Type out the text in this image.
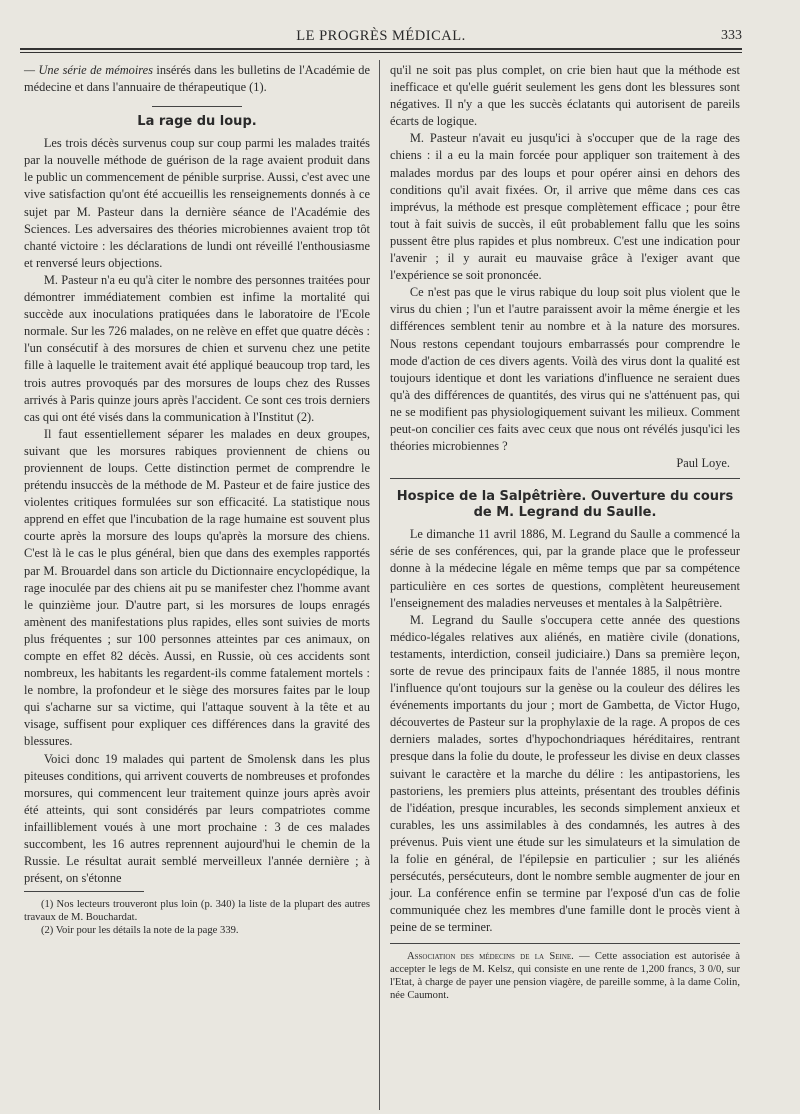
LE PROGRÈS MÉDICAL.	333

— Une série de mémoires insérés dans les bulletins de l'Académie de médecine et dans l'annuaire de thérapeutique (1).

La rage du loup.

Les trois décès survenus coup sur coup parmi les malades traités par la nouvelle méthode de guérison de la rage avaient produit dans le public un commencement de pénible surprise. Aussi, c'est avec une vive satisfaction qu'ont été accueillis les renseignements donnés à ce sujet par M. Pasteur dans la dernière séance de l'Académie des Sciences. Les adversaires des théories microbiennes avaient trop tôt chanté victoire : les déclarations de lundi ont réveillé l'enthousiasme et renversé leurs objections.

M. Pasteur n'a eu qu'à citer le nombre des personnes traitées pour démontrer immédiatement combien est infime la mortalité qui succède aux inoculations pratiquées dans le laboratoire de l'Ecole normale. Sur les 726 malades, on ne relève en effet que quatre décès : l'un consécutif à des morsures de chien et survenu chez une petite fille à laquelle le traitement avait été appliqué beaucoup trop tard, les trois autres provoqués par des morsures de loups chez des Russes arrivés à Paris quinze jours après l'accident. Ce sont ces trois derniers cas qui ont été visés dans la communication à l'Institut (2).

Il faut essentiellement séparer les malades en deux groupes, suivant que les morsures rabiques proviennent de chiens ou proviennent de loups. Cette distinction permet de comprendre le prétendu insuccès de la méthode de M. Pasteur et de faire justice des violentes critiques formulées sur son efficacité. La statistique nous apprend en effet que l'incubation de la rage humaine est souvent plus courte après la morsure des loups qu'après la morsure des chiens. C'est là le cas le plus général, bien que dans des exemples rapportés par M. Brouardel dans son article du Dictionnaire encyclopédique, la rage inoculée par des chiens ait pu se manifester chez l'homme avant le quinzième jour. D'autre part, si les morsures de loups enragés amènent des manifestations plus rapides, elles sont suivies de morts plus fréquentes ; sur 100 personnes atteintes par ces animaux, on compte en effet 82 décès. Aussi, en Russie, où ces accidents sont nombreux, les habitants les regardent-ils comme fatalement mortels : le nombre, la profondeur et le siège des morsures faites par le loup qui s'acharne sur sa victime, qui l'attaque souvent à la tête et au visage, suffisent pour expliquer ces différences dans la gravité des blessures.

Voici donc 19 malades qui partent de Smolensk dans les plus piteuses conditions, qui arrivent couverts de nombreuses et profondes morsures, qui commencent leur traitement quinze jours après avoir été atteints, qui sont considérés par leurs compatriotes comme infailliblement voués à une mort prochaine : 3 de ces malades succombent, les 16 autres reprennent aujourd'hui le chemin de la Russie. Le résultat aurait semblé merveilleux l'année dernière ; à présent, on s'étonne

(1) Nos lecteurs trouveront plus loin (p. 340) la liste de la plupart des autres travaux de M. Bouchardat.

(2) Voir pour les détails la note de la page 339.

qu'il ne soit pas plus complet, on crie bien haut que la méthode est inefficace et qu'elle guérit seulement les gens dont les blessures sont négatives. Il n'y a que les succès éclatants qui autorisent de pareils écarts de logique.

M. Pasteur n'avait eu jusqu'ici à s'occuper que de la rage des chiens : il a eu la main forcée pour appliquer son traitement à des malades mordus par des loups et pour opérer ainsi en dehors des conditions qu'il avait fixées. Or, il arrive que même dans ces cas imprévus, la méthode est presque complètement efficace ; pour être tout à fait suivis de succès, il eût probablement fallu que les soins pussent être plus rapides et plus nombreux. C'est une indication pour l'avenir ; il y aurait eu mauvaise grâce à l'exiger avant que l'expérience se soit prononcée.

Ce n'est pas que le virus rabique du loup soit plus violent que le virus du chien ; l'un et l'autre paraissent avoir la même énergie et les différences semblent tenir au nombre et à la nature des morsures. Nous restons cependant toujours embarrassés pour comprendre le mode d'action de ces divers agents. Voilà des virus dont la qualité est toujours identique et dont les variations d'influence ne seraient dues qu'à des différences de quantités, des virus qui ne s'atténuent pas, qui ne se modifient pas physiologiquement suivant les milieux. Comment peut-on concilier ces faits avec ceux que nous ont révélés jusqu'ici les théories microbiennes ?

Paul Loye.

Hospice de la Salpêtrière. Ouverture du cours
de M. Legrand du Saulle.

Le dimanche 11 avril 1886, M. Legrand du Saulle a commencé la série de ses conférences, qui, par la grande place que le professeur donne à la médecine légale en même temps que par sa compétence particulière en ces sortes de questions, complètent heureusement l'enseignement des maladies nerveuses et mentales à la Salpêtrière.

M. Legrand du Saulle s'occupera cette année des questions médico-légales relatives aux aliénés, en matière civile (donations, testaments, interdiction, conseil judiciaire.) Dans sa première leçon, sorte de revue des principaux faits de l'année 1885, il nous montre l'influence qu'ont toujours sur la genèse ou la couleur des délires les événements importants du jour ; mort de Gambetta, de Victor Hugo, découvertes de Pasteur sur la prophylaxie de la rage. A propos de ces derniers malades, sortes d'hypochondriaques héréditaires, rentrant presque dans la folie du doute, le professeur les divise en deux classes suivant le caractère et la marche du délire : les antipastoriens, les pastoriens, les premiers plus atteints, présentant des troubles définis de l'idéation, presque incurables, les seconds simplement anxieux et curables, les uns assimilables à des condamnés, les autres à des prévenus. Puis vient une étude sur les simulateurs et la simulation de la folie en général, de l'épilepsie en particulier ; sur les aliénés persécutés, persécuteurs, dont le nombre semble augmenter de jour en jour. La conférence enfin se termine par l'exposé d'un cas de folie communiquée chez les membres d'une famille dont le procès vient à peine de se terminer.

Association des médecins de la Seine. — Cette association est autorisée à accepter le legs de M. Kelsz, qui consiste en une rente de 1,200 francs, 3 0/0, sur l'Etat, à charge de payer une pension viagère, de pareille somme, à la dame Colin, née Caumont.
